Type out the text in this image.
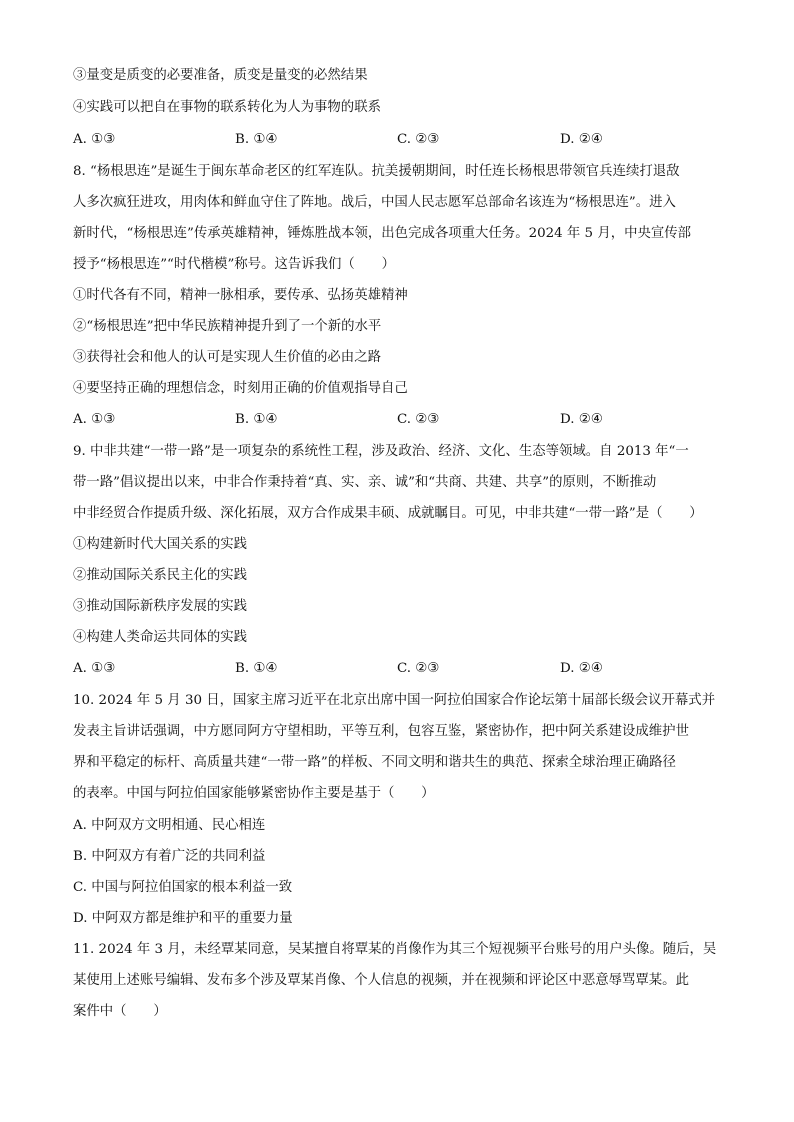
③量变是质变的必要准备，质变是量变的必然结果
④实践可以把自在事物的联系转化为人为事物的联系
A. ①③	B. ①④	C. ②③	D. ②④
8. “杨根思连”是诞生于闽东革命老区的红军连队。抗美援朝期间，时任连长杨根思带领官兵连续打退敌
人多次疯狂进攻，用肉体和鲜血守住了阵地。战后，中国人民志愿军总部命名该连为“杨根思连”。进入
新时代，“杨根思连”传承英雄精神，锤炼胜战本领，出色完成各项重大任务。2024 年 5 月，中央宣传部
授予“杨根思连”“时代楷模”称号。这告诉我们（　　）
①时代各有不同，精神一脉相承，要传承、弘扬英雄精神
②“杨根思连”把中华民族精神提升到了一个新的水平
③获得社会和他人的认可是实现人生价值的必由之路
④要坚持正确的理想信念，时刻用正确的价值观指导自己
A. ①③	B. ①④	C. ②③	D. ②④
9. 中非共建“一带一路”是一项复杂的系统性工程，涉及政治、经济、文化、生态等领域。自 2013 年“一
带一路”倡议提出以来，中非合作秉持着“真、实、亲、诚”和“共商、共建、共享”的原则，不断推动
中非经贸合作提质升级、深化拓展，双方合作成果丰硕、成就瞩目。可见，中非共建“一带一路”是（　　）
①构建新时代大国关系的实践
②推动国际关系民主化的实践
③推动国际新秩序发展的实践
④构建人类命运共同体的实践
A. ①③	B. ①④	C. ②③	D. ②④
10. 2024 年 5 月 30 日，国家主席习近平在北京出席中国一阿拉伯国家合作论坛第十届部长级会议开幕式并
发表主旨讲话强调，中方愿同阿方守望相助，平等互利，包容互鉴，紧密协作，把中阿关系建设成维护世
界和平稳定的标杆、高质量共建“一带一路”的样板、不同文明和谐共生的典范、探索全球治理正确路径
的表率。中国与阿拉伯国家能够紧密协作主要是基于（　　）
A. 中阿双方文明相通、民心相连
B. 中阿双方有着广泛的共同利益
C. 中国与阿拉伯国家的根本利益一致
D. 中阿双方都是维护和平的重要力量
11. 2024 年 3 月，未经覃某同意，吴某擅自将覃某的肖像作为其三个短视频平台账号的用户头像。随后，吴
某使用上述账号编辑、发布多个涉及覃某肖像、个人信息的视频，并在视频和评论区中恶意辱骂覃某。此
案件中（　　）
